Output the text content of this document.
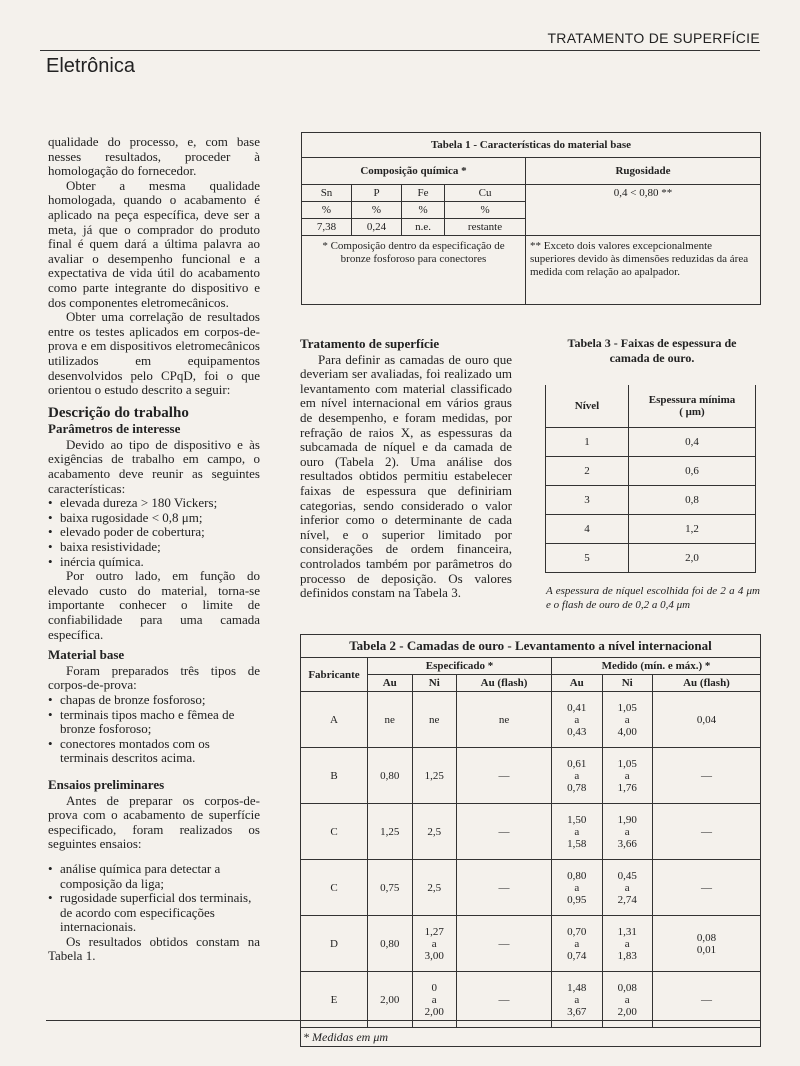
TRATAMENTO DE SUPERFÍCIE
Eletrônica

qualidade do processo, e, com base nesses resultados, proceder à homologação do fornecedor.

Obter a mesma qualidade homologada, quando o acabamento é aplicado na peça específica, deve ser a meta, já que o comprador do produto final é quem dará a última palavra ao avaliar o desempenho funcional e a expectativa de vida útil do acabamento como parte integrante do dispositivo e dos componentes eletromecânicos.

Obter uma correlação de resultados entre os testes aplicados em corpos-de-prova e em dispositivos eletromecânicos utilizados em equipamentos desenvolvidos pelo CPqD, foi o que orientou o estudo descrito a seguir:

Descrição do trabalho
Parâmetros de interesse

Devido ao tipo de dispositivo e às exigências de trabalho em campo, o acabamento deve reunir as seguintes características:

• elevada dureza > 180 Vickers;
• baixa rugosidade < 0,8 μm;
• elevado poder de cobertura;
• baixa resistividade;
• inércia química.

Por outro lado, em função do elevado custo do material, torna-se importante conhecer o limite de confiabilidade para uma camada específica.

Material base

Foram preparados três tipos de corpos-de-prova:

• chapas de bronze fosforoso;
• terminais tipos macho e fêmea de bronze fosforoso;
• conectores montados com os terminais descritos acima.
Ensaios preliminares

Antes de preparar os corpos-de-prova com o acabamento de superfície especificado, foram realizados os seguintes ensaios:

• análise química para detectar a composição da liga;
• rugosidade superficial dos terminais, de acordo com especificações internacionais.

Os resultados obtidos constam na Tabela 1.

Tabela 1 - Características do material base				
Composição química *				Rugosidade
Sn	P	Fe	Cu	0,4 < 0,80 **
%	%	%	%	
7,38	0,24	n.e.	restante	
* Composição dentro da especificação de bronze fosforoso para conectores				** Exceto dois valores excepcionalmente superiores devido às dimensões reduzidas da área medida com relação ao apalpador.
Tratamento de superfície

Para definir as camadas de ouro que deveriam ser avaliadas, foi realizado um levantamento com material classificado em nível internacional em vários graus de desempenho, e foram medidas, por refração de raios X, as espessuras da subcamada de níquel e da camada de ouro (Tabela 2). Uma análise dos resultados obtidos permitiu estabelecer faixas de espessura que definiriam categorias, sendo considerado o valor inferior como o determinante de cada nível, e o superior limitado por considerações de ordem financeira, controlados também por parâmetros do processo de deposição. Os valores definidos constam na Tabela 3.

Tabela 3 - Faixas de espessura de camada de ouro.
Nível	Espessura mínima
( μm)
1	0,4
2	0,6
3	0,8
4	1,2
5	2,0
A espessura de níquel escolhida foi de 2 a 4 μm e o flash de ouro de 0,2 a 0,4 μm
Tabela 2 - Camadas de ouro - Levantamento a nível internacional						
Fabricante	Especificado *			Medido (mín. e máx.) *		
	Au	Ni	Au (flash)	Au	Ni	Au (flash)
A	ne	ne	ne	0,41
a
0,43	1,05
a
4,00	0,04
B	0,80	1,25	—	0,61
a
0,78	1,05
a
1,76	—
C	1,25	2,5	—	1,50
a
1,58	1,90
a
3,66	—
C	0,75	2,5	—	0,80
a
0,95	0,45
a
2,74	—
D	0,80	1,27
a
3,00	—	0,70
a
0,74	1,31
a
1,83	0,08
0,01
E	2,00	0
a
2,00	—	1,48
a
3,67	0,08
a
2,00	—
* Medidas em μm						
